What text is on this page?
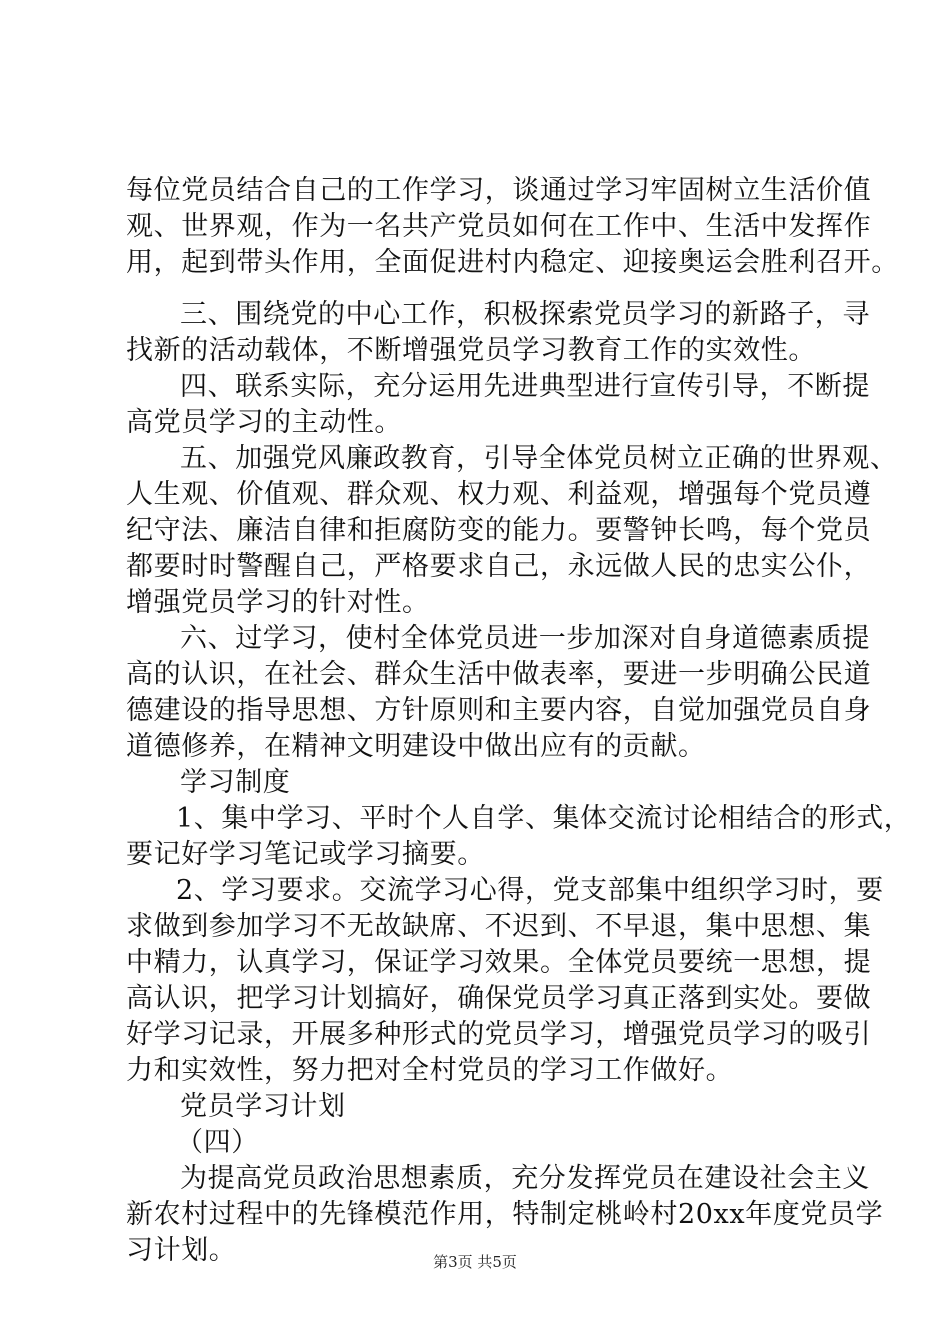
每位党员结合自己的工作学习，谈通过学习牢固树立生活价值
观、世界观，作为一名共产党员如何在工作中、生活中发挥作
用，起到带头作用，全面促进村内稳定、迎接奥运会胜利召开。
三、围绕党的中心工作，积极探索党员学习的新路子，寻
找新的活动载体，不断增强党员学习教育工作的实效性。
四、联系实际，充分运用先进典型进行宣传引导，不断提
高党员学习的主动性。
五、加强党风廉政教育，引导全体党员树立正确的世界观、
人生观、价值观、群众观、权力观、利益观，增强每个党员遵
纪守法、廉洁自律和拒腐防变的能力。要警钟长鸣，每个党员
都要时时警醒自己，严格要求自己，永远做人民的忠实公仆，
增强党员学习的针对性。
六、过学习，使村全体党员进一步加深对自身道德素质提
高的认识，在社会、群众生活中做表率，要进一步明确公民道
德建设的指导思想、方针原则和主要内容，自觉加强党员自身
道德修养，在精神文明建设中做出应有的贡献。
学习制度
1、集中学习、平时个人自学、集体交流讨论相结合的形式，
要记好学习笔记或学习摘要。
2、学习要求。交流学习心得，党支部集中组织学习时，要
求做到参加学习不无故缺席、不迟到、不早退，集中思想、集
中精力，认真学习，保证学习效果。全体党员要统一思想，提
高认识，把学习计划搞好，确保党员学习真正落到实处。要做
好学习记录，开展多种形式的党员学习，增强党员学习的吸引
力和实效性，努力把对全村党员的学习工作做好。
党员学习计划
（四）
为提高党员政治思想素质，充分发挥党员在建设社会主义
新农村过程中的先锋模范作用，特制定桃岭村20xx年度党员学
习计划。	第3页 共5页
